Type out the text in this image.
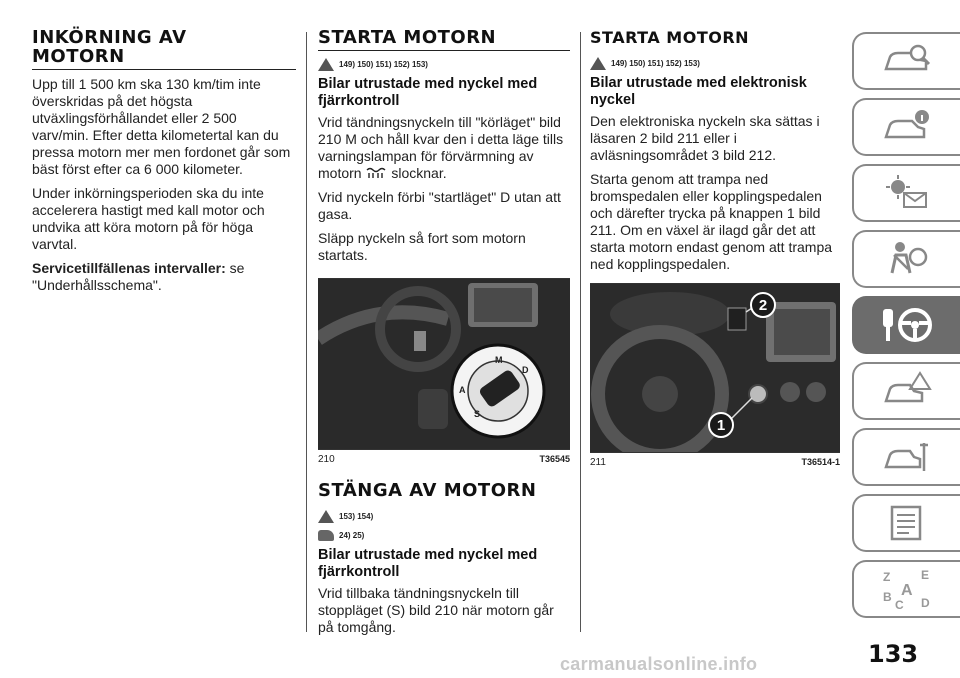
INKÖRNING AV
MOTORN

Upp till 1 500 km ska 130 km/tim inte överskridas på det högsta utväxlingsförhållandet eller 2 500 varv/min. Efter detta kilometertal kan du pressa motorn mer men fordonet går som bäst först efter ca 6 000 kilometer.

Under inkörningsperioden ska du inte accelerera hastigt med kall motor och undvika att köra motorn på för höga varvtal.

Servicetillfällenas intervaller: se "Underhållsschema".

STARTA MOTORN
149) 150) 151) 152) 153)
Bilar utrustade med nyckel med fjärrkontroll

Vrid tändningsnyckeln till "körläget" bild 210 M och håll kvar den i detta läge tills varningslampan för förvärmning av motorn slocknar.

Vrid nyckeln förbi "startläget" D utan att gasa.

Släpp nyckeln så fort som motorn startats.

M
D
A
S
210	T36545
STÄNGA AV MOTORN
153) 154)
24) 25)
Bilar utrustade med nyckel med fjärrkontroll

Vrid tillbaka tändningsnyckeln till stoppläget (S) bild 210 när motorn går på tomgång.

STARTA MOTORN
149) 150) 151) 152) 153)
Bilar utrustade med elektronisk nyckel

Den elektroniska nyckeln ska sättas i läsaren 2 bild 211 eller i avläsningsområdet 3 bild 212.

Starta genom att trampa ned bromspedalen eller kopplingspedalen och därefter trycka på knappen 1 bild 211. Om en växel är ilagd går det att starta motorn endast genom att trampa ned kopplingspedalen.

1
2
211	T36514-1
Z	E
A
B
C D
133
carmanualsonline.info
